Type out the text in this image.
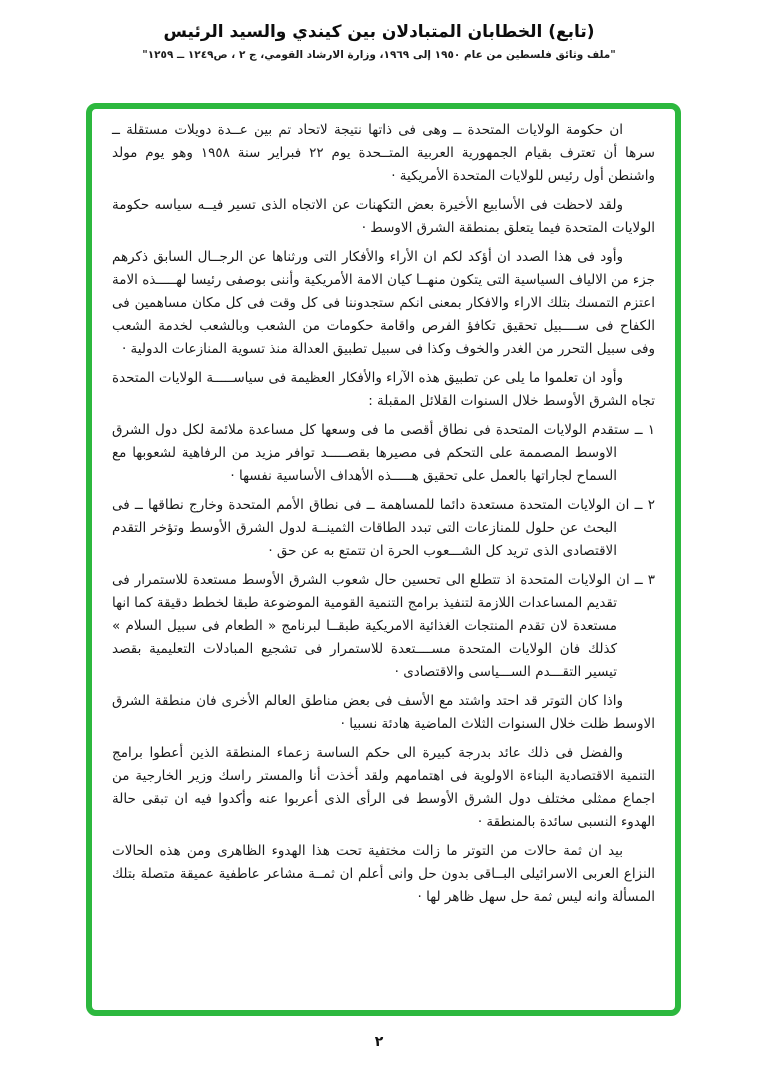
(تابع) الخطابان المتبادلان بين كيندي والسيد الرئيس
"ملف وثائق فلسطين من عام ١٩٥٠ إلى ١٩٦٩، وزارة الارشاد القومي، ج ٢ ، ص١٢٤٩ ــ ١٢٥٩"

ان حكومة الولايات المتحدة ــ وهى فى ذاتها نتيجة لاتحاد تم بين عــدة دويلات مستقلة ــ سرها أن تعترف بقيام الجمهورية العربية المتــحدة يوم ٢٢ فبراير سنة ١٩٥٨ وهو يوم مولد واشنطن أول رئيس للولايات المتحدة الأمريكية ·

ولقد لاحظت فى الأسابيع الأخيرة بعض التكهنات عن الاتجاه الذى تسير فيــه سياسه حكومة الولايات المتحدة فيما يتعلق بمنطقة الشرق الاوسط ·

وأود فى هذا الصدد ان أؤكد لكم ان الأراء والأفكار التى ورثناها عن الرجــال السابق ذكرهم جزء من الالياف السياسية التى يتكون منهــا كيان الامة الأمريكية وأننى بوصفى رئيسا لهـــــذه الامة اعتزم التمسك بتلك الاراء والافكار بمعنى انكم ستجدوننا فى كل وقت فى كل مكان مساهمين فى الكفاح فى ســــبيل تحقيق تكافؤ الفرص واقامة حكومات من الشعب وبالشعب لخدمة الشعب وفى سبيل التحرر من الغدر والخوف وكذا فى سبيل تطبيق العدالة منذ تسوية المنازعات الدولية ·

وأود ان تعلموا ما يلى عن تطبيق هذه الآراء والأفكار العظيمة فى سياســـــة الولايات المتحدة تجاه الشرق الأوسط خلال السنوات القلائل المقبلة :

١ ــ ستقدم الولايات المتحدة فى نطاق أقصى ما فى وسعها كل مساعدة ملائمة لكل دول الشرق الاوسط المصممة على التحكم فى مصيرها بقصـــــد توافر مزيد من الرفاهية لشعوبها مع السماح لجاراتها بالعمل على تحقيق هـــــذه الأهداف الأساسية نفسها ·

٢ ــ ان الولايات المتحدة مستعدة دائما للمساهمة ــ فى نطاق الأمم المتحدة وخارج نطاقها ــ فى البحث عن حلول للمنازعات التى تبدد الطاقات الثمينــة لدول الشرق الأوسط وتؤخر التقدم الاقتصادى الذى تريد كل الشـــعوب الحرة ان تتمتع به عن حق ·

٣ ــ ان الولايات المتحدة اذ تتطلع الى تحسين حال شعوب الشرق الأوسط مستعدة للاستمرار فى تقديم المساعدات اللازمة لتنفيذ برامج التنمية القومية الموضوعة طبقا لخطط دقيقة كما انها مستعدة لان تقدم المنتجات الغذائية الامريكية طبقــا لبرنامج « الطعام فى سبيل السلام » كذلك فان الولايات المتحدة مســــتعدة للاستمرار فى تشجيع المبادلات التعليمية بقصد تيسير التقـــدم الســـياسى والاقتصادى ·

واذا كان التوتر قد احتد واشتد مع الأسف فى بعض مناطق العالم الأخرى فان منطقة الشرق الاوسط ظلت خلال السنوات الثلاث الماضية هادئة نسبيا ·

والفضل فى ذلك عائد بدرجة كبيرة الى حكم الساسة زعماء المنطقة الذين أعطوا برامج التنمية الاقتصادية البناءة الاولوية فى اهتمامهم ولقد أخذت أنا والمستر راسك وزير الخارجية من اجماع ممثلى مختلف دول الشرق الأوسط فى الرأى الذى أعربوا عنه وأكدوا فيه ان تبقى حالة الهدوء النسبى سائدة بالمنطقة ·

بيد ان ثمة حالات من التوتر ما زالت مختفية تحت هذا الهدوء الظاهرى ومن هذه الحالات النزاع العربى الاسرائيلى البــاقى بدون حل وانى أعلم ان ثمــة مشاعر عاطفية عميقة متصلة بتلك المسألة وانه ليس ثمة حل سهل ظاهر لها ·

٢
